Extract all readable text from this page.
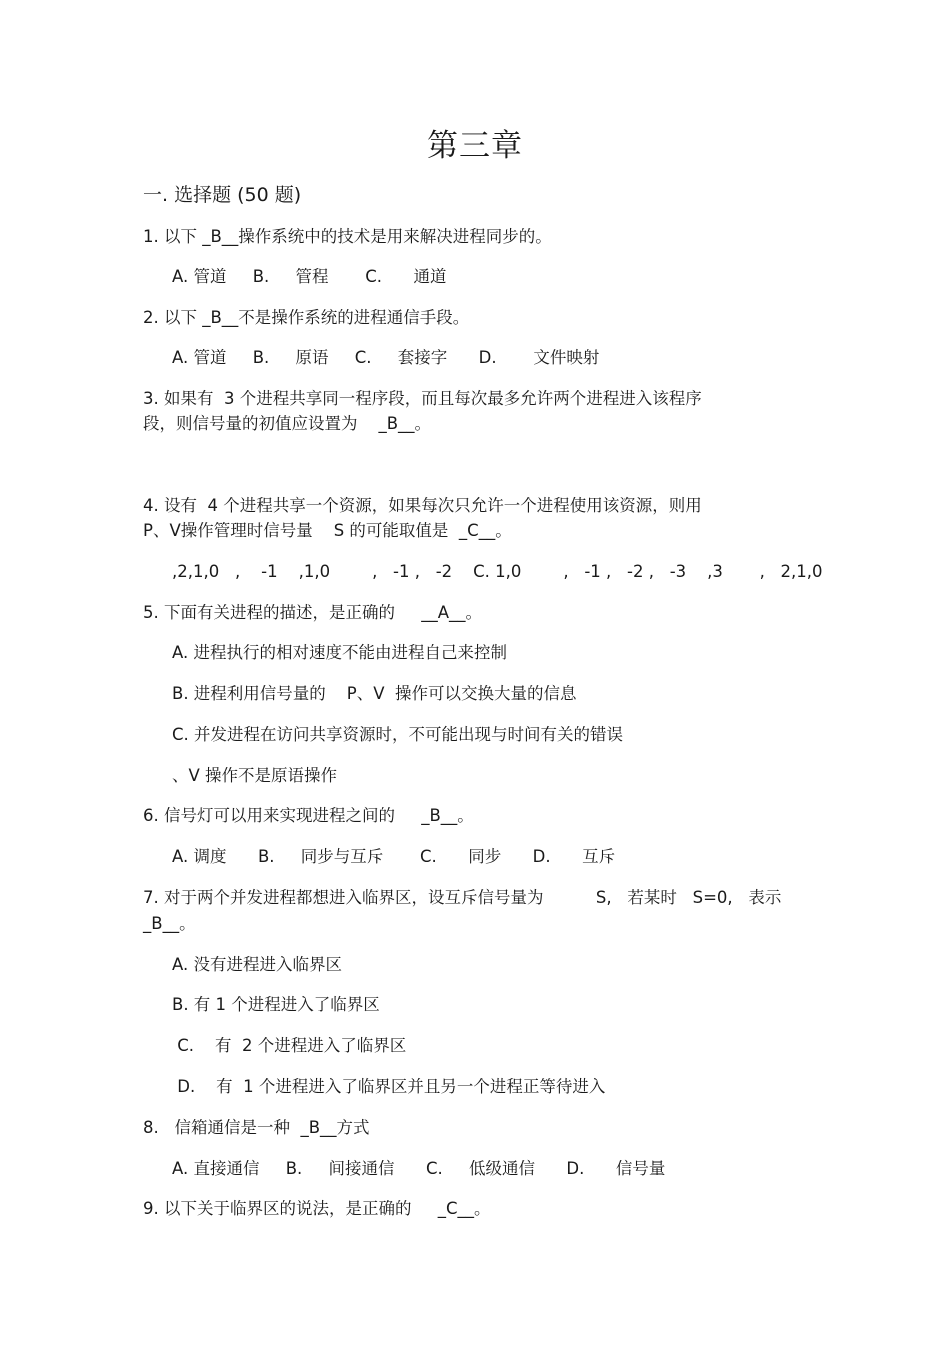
第三章
一. 选择题 (50 题)
1. 以下 _B__操作系统中的技术是用来解决进程同步的。
A. 管道     B.     管程       C.      通道
2. 以下 _B__不是操作系统的进程通信手段。
A. 管道     B.     原语     C.     套接字      D.       文件映射
3. 如果有  3 个进程共享同一程序段，而且每次最多允许两个进程进入该程序
段，则信号量的初值应设置为    _B__。
4. 设有  4 个进程共享一个资源，如果每次只允许一个进程使用该资源，则用
P、V操作管理时信号量    S 的可能取值是  _C__。
,2,1,0   ,    -1    ,1,0        ,   -1 ,   -2    C. 1,0        ,   -1 ,   -2 ,   -3    ,3       ,   2,1,0
5. 下面有关进程的描述，是正确的     __A__。
A. 进程执行的相对速度不能由进程自己来控制
B. 进程利用信号量的    P、V  操作可以交换大量的信息
C. 并发进程在访问共享资源时，不可能出现与时间有关的错误
、V 操作不是原语操作
6. 信号灯可以用来实现进程之间的     _B__。
A. 调度      B.     同步与互斥       C.      同步      D.      互斥
7. 对于两个并发进程都想进入临界区，设互斥信号量为          S,   若某时   S=0,   表示
_B__。
A. 没有进程进入临界区
B. 有 1 个进程进入了临界区
C.    有  2 个进程进入了临界区
D.    有  1 个进程进入了临界区并且另一个进程正等待进入
8.   信箱通信是一种  _B__方式
A. 直接通信     B.     间接通信      C.     低级通信      D.      信号量
9. 以下关于临界区的说法，是正确的     _C__。
